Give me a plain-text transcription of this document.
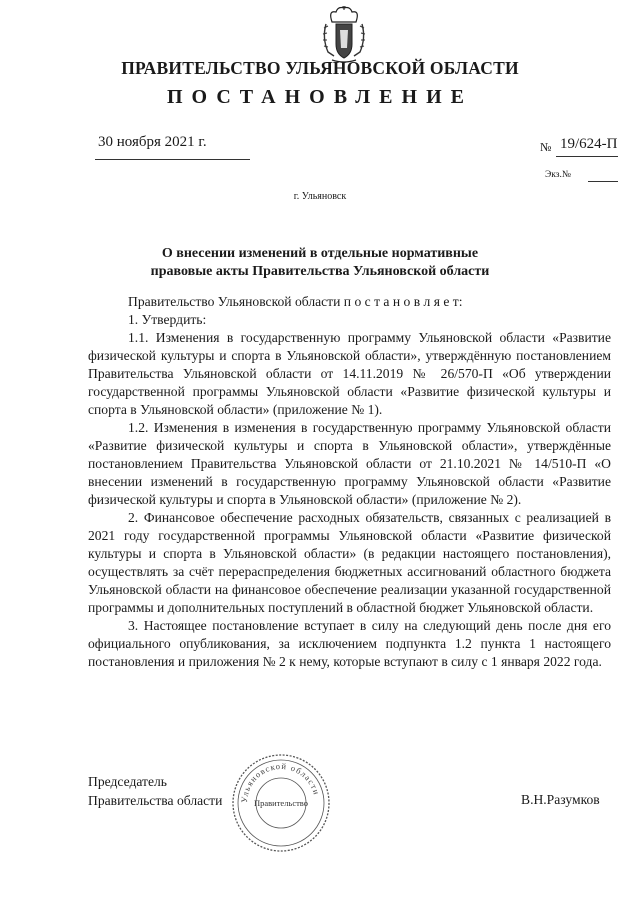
ПРАВИТЕЛЬСТВО УЛЬЯНОВСКОЙ ОБЛАСТИ
ПОСТАНОВЛЕНИЕ
30 ноября 2021 г.	№ 19/624-П
Экз.№
г. Ульяновск
О внесении изменений в отдельные нормативные
правовые акты Правительства Ульяновской области

Правительство Ульяновской области п о с т а н о в л я е т:

1. Утвердить:

1.1. Изменения в государственную программу Ульяновской области «Развитие физической культуры и спорта в Ульяновской области», утверждённую постановлением Правительства Ульяновской области от 14.11.2019 № 26/570-П «Об утверждении государственной программы Ульяновской области «Развитие физической культуры и спорта в Ульяновской области» (приложение № 1).

1.2. Изменения в изменения в государственную программу Ульяновской области «Развитие физической культуры и спорта в Ульяновской области», утверждённые постановлением Правительства Ульяновской области от 21.10.2021 № 14/510-П «О внесении изменений в государственную программу Ульяновской области «Развитие физической культуры и спорта в Ульяновской области» (приложение № 2).

2. Финансовое обеспечение расходных обязательств, связанных с реализацией в 2021 году государственной программы Ульяновской области «Развитие физической культуры и спорта в Ульяновской области» (в редакции настоящего постановления), осуществлять за счёт перераспределения бюджетных ассигнований областного бюджета Ульяновской области на финансовое обеспечение реализации указанной государственной программы и дополнительных поступлений в областной бюджет Ульяновской области.

3. Настоящее постановление вступает в силу на следующий день после дня его официального опубликования, за исключением подпункта 1.2 пункта 1 настоящего постановления и приложения № 2 к нему, которые вступают в силу с 1 января 2022 года.

Председатель
Правительства области	В.Н.Разумков
Ульяновской области
Правительство
